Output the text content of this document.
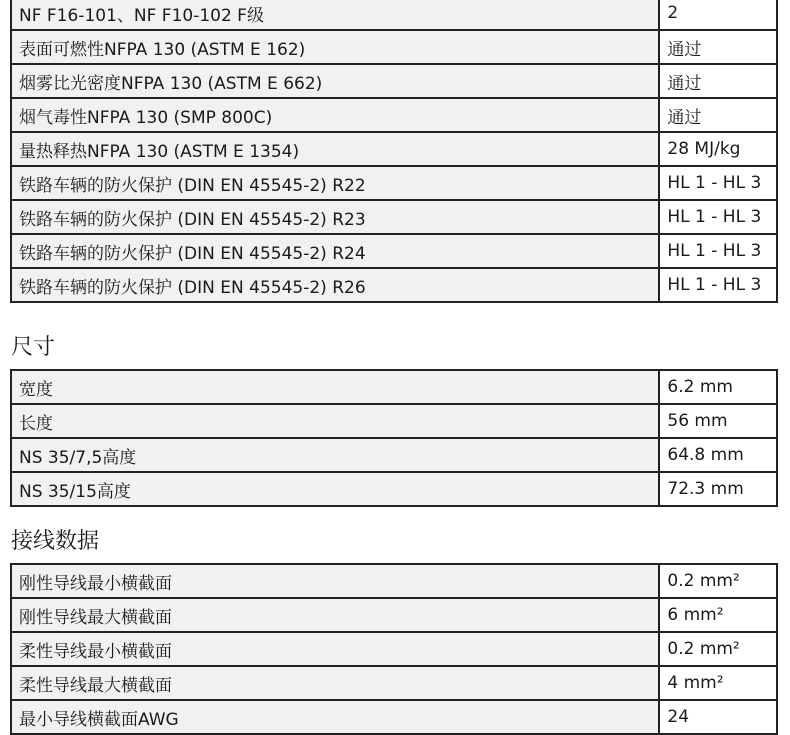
NF F16-101、NF F10-102 F级	2
表面可燃性NFPA 130 (ASTM E 162)	通过
烟雾比光密度NFPA 130 (ASTM E 662)	通过
烟气毒性NFPA 130 (SMP 800C)	通过
量热释热NFPA 130 (ASTM E 1354)	28 MJ/kg
铁路车辆的防火保护 (DIN EN 45545-2) R22	HL 1 - HL 3
铁路车辆的防火保护 (DIN EN 45545-2) R23	HL 1 - HL 3
铁路车辆的防火保护 (DIN EN 45545-2) R24	HL 1 - HL 3
铁路车辆的防火保护 (DIN EN 45545-2) R26	HL 1 - HL 3
尺寸
宽度	6.2 mm
长度	56 mm
NS 35/7,5高度	64.8 mm
NS 35/15高度	72.3 mm
接线数据
刚性导线最小横截面	0.2 mm²
刚性导线最大横截面	6 mm²
柔性导线最小横截面	0.2 mm²
柔性导线最大横截面	4 mm²
最小导线横截面AWG	24
